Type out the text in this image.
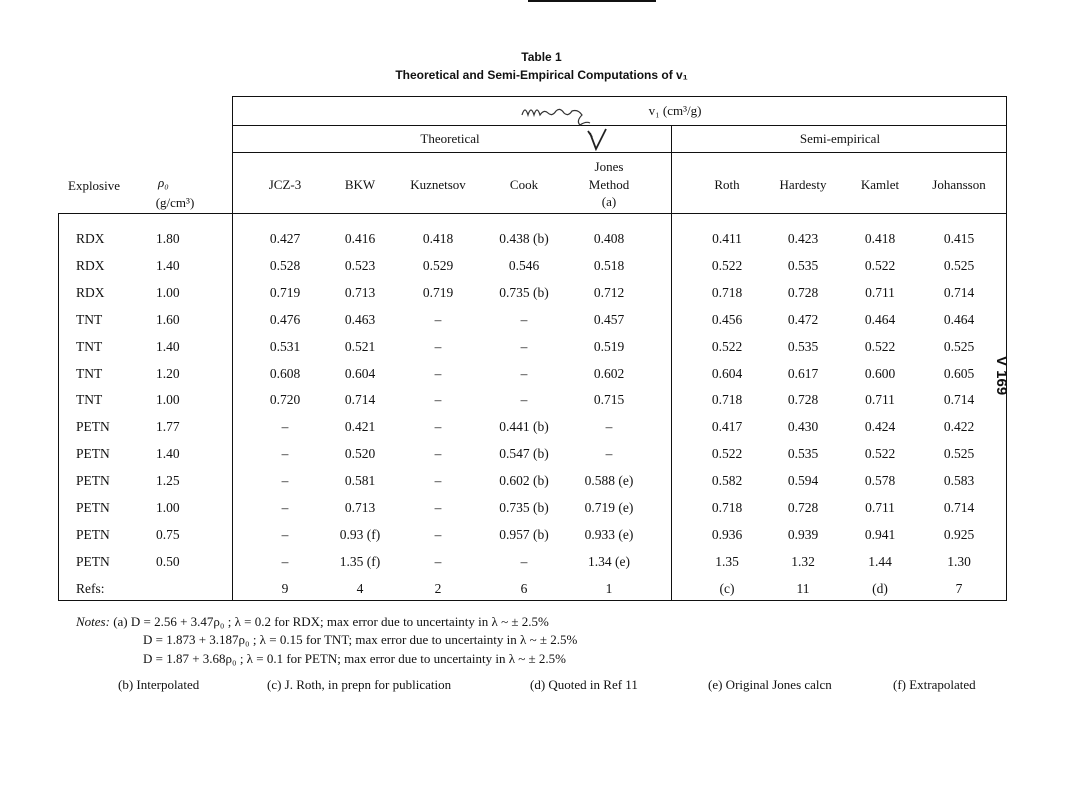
Table 1
Theoretical and Semi-Empirical Computations of v₁
v₁ (cm³/g)
Theoretical	Semi-empirical
Explosive	ρ₀
(g/cm³)
JCZ-3	BKW	Kuznetsov	Cook
Jones
Method
(a)
Roth	Hardesty	Kamlet	Johansson
RDX	1.80	0.427	0.416	0.418	0.438 (b)	0.408	0.411	0.423	0.418	0.415
RDX	1.40	0.528	0.523	0.529	0.546	0.518	0.522	0.535	0.522	0.525
RDX	1.00	0.719	0.713	0.719	0.735 (b)	0.712	0.718	0.728	0.711	0.714
TNT	1.60	0.476	0.463	–	–	0.457	0.456	0.472	0.464	0.464
TNT	1.40	0.531	0.521	–	–	0.519	0.522	0.535	0.522	0.525
TNT	1.20	0.608	0.604	–	–	0.602	0.604	0.617	0.600	0.605
TNT	1.00	0.720	0.714	–	–	0.715	0.718	0.728	0.711	0.714
PETN	1.77	–	0.421	–	0.441 (b)	–	0.417	0.430	0.424	0.422
PETN	1.40	–	0.520	–	0.547 (b)	–	0.522	0.535	0.522	0.525
PETN	1.25	–	0.581	–	0.602 (b)	0.588 (e)	0.582	0.594	0.578	0.583
PETN	1.00	–	0.713	–	0.735 (b)	0.719 (e)	0.718	0.728	0.711	0.714
PETN	0.75	–	0.93 (f)	–	0.957 (b)	0.933 (e)	0.936	0.939	0.941	0.925
PETN	0.50	–	1.35 (f)	–	–	1.34 (e)	1.35	1.32	1.44	1.30
Refs:	9	4	2	6	1	(c)	11	(d)	7
Notes: (a) D = 2.56 + 3.47ρ₀ ; λ = 0.2 for RDX; max error due to uncertainty in λ ~ ± 2.5%
D = 1.873 + 3.187ρ₀ ; λ = 0.15 for TNT; max error due to uncertainty in λ ~ ± 2.5%
D = 1.87 + 3.68ρ₀ ; λ = 0.1 for PETN; max error due to uncertainty in λ ~ ± 2.5%
(b) Interpolated	(c) J. Roth, in prepn for publication	(d) Quoted in Ref 11	(e) Original Jones calcn	(f) Extrapolated
V 169
